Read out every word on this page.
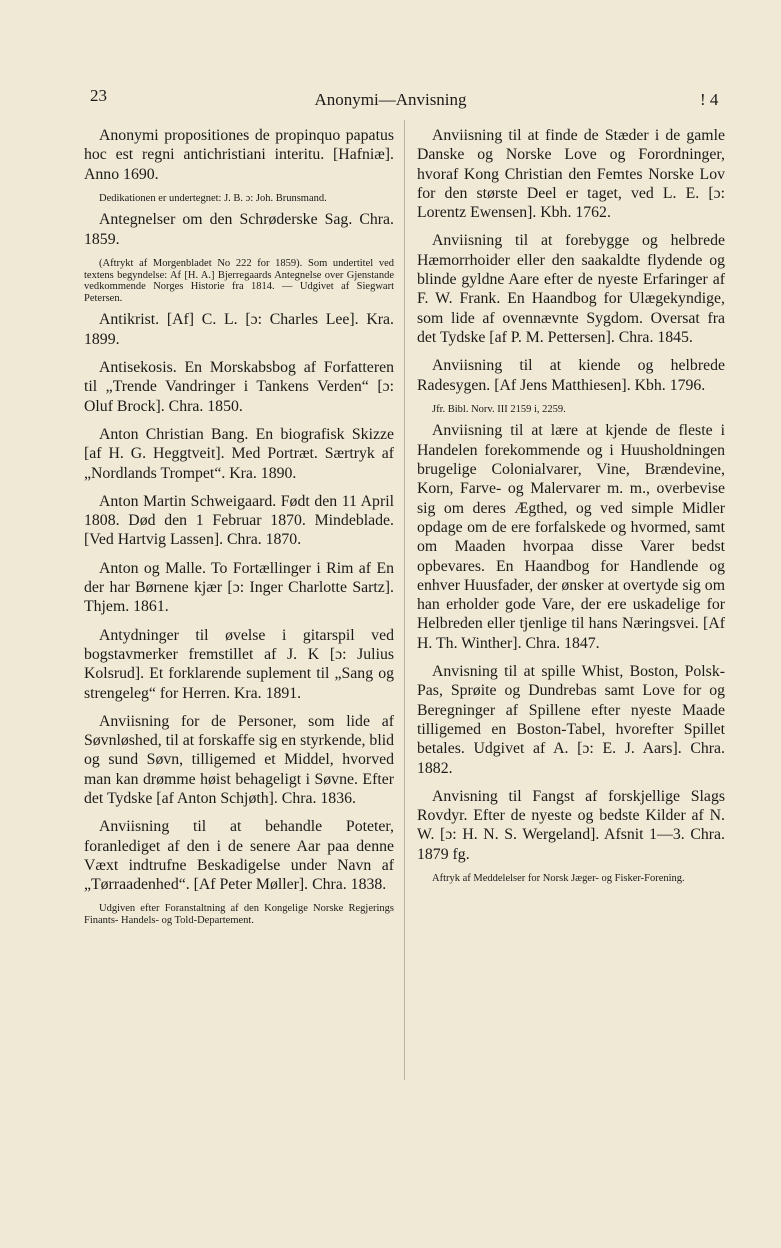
23	Anonymi—Anvisning	! 4

Anonymi propositiones de propinquo papatus hoc est regni antichristiani interitu. [Hafniæ]. Anno 1690.

Dedikationen er undertegnet: J. B. ɔ: Joh. Brunsmand.

Antegnelser om den Schrøderske Sag. Chra. 1859.

(Aftrykt af Morgenbladet No 222 for 1859). Som undertitel ved textens begyndelse: Af [H. A.] Bjerregaards Antegnelse over Gjenstande vedkommende Norges Historie fra 1814. — Udgivet af Siegwart Petersen.

Antikrist. [Af] C. L. [ɔ: Charles Lee]. Kra. 1899.

Antisekosis. En Morskabsbog af Forfatteren til „Trende Vandringer i Tankens Verden“ [ɔ: Oluf Brock]. Chra. 1850.

Anton Christian Bang. En biografisk Skizze [af H. G. Heggtveit]. Med Portræt. Særtryk af „Nordlands Trompet“. Kra. 1890.

Anton Martin Schweigaard. Født den 11 April 1808. Død den 1 Februar 1870. Mindeblade. [Ved Hartvig Lassen]. Chra. 1870.

Anton og Malle. To Fortællinger i Rim af En der har Børnene kjær [ɔ: Inger Charlotte Sartz]. Thjem. 1861.

Antydninger til øvelse i gitarspil ved bogstavmerker fremstillet af J. K [ɔ: Julius Kolsrud]. Et forklarende suplement til „Sang og strengeleg“ for Herren. Kra. 1891.

Anviisning for de Personer, som lide af Søvnløshed, til at forskaffe sig en styrkende, blid og sund Søvn, tilligemed et Middel, hvorved man kan drømme høist behageligt i Søvne. Efter det Tydske [af Anton Schjøth]. Chra. 1836.

Anviisning til at behandle Poteter, foranlediget af den i de senere Aar paa denne Væxt indtrufne Beskadigelse under Navn af „Tørraadenhed“. [Af Peter Møller]. Chra. 1838.

Udgiven efter Foranstaltning af den Kongelige Norske Regjerings Finants- Handels- og Told-Departement.

Anviisning til at finde de Stæder i de gamle Danske og Norske Love og Forordninger, hvoraf Kong Christian den Femtes Norske Lov for den største Deel er taget, ved L. E. [ɔ: Lorentz Ewensen]. Kbh. 1762.

Anviisning til at forebygge og helbrede Hæmorrhoider eller den saakaldte flydende og blinde gyldne Aare efter de nyeste Erfaringer af F. W. Frank. En Haandbog for Ulægekyndige, som lide af ovennævnte Sygdom. Oversat fra det Tydske [af P. M. Pettersen]. Chra. 1845.

Anviisning til at kiende og helbrede Radesygen. [Af Jens Matthiesen]. Kbh. 1796.

Jfr. Bibl. Norv. III 2159 i, 2259.

Anviisning til at lære at kjende de fleste i Handelen forekommende og i Huusholdningen brugelige Colonialvarer, Vine, Brændevine, Korn, Farve- og Malervarer m. m., overbevise sig om deres Ægthed, og ved simple Midler opdage om de ere forfalskede og hvormed, samt om Maaden hvorpaa disse Varer bedst opbevares. En Haandbog for Handlende og enhver Huusfader, der ønsker at overtyde sig om han erholder gode Vare, der ere uskadelige for Helbreden eller tjenlige til hans Næringsvei. [Af H. Th. Winther]. Chra. 1847.

Anvisning til at spille Whist, Boston, Polsk-Pas, Sprøite og Dundrebas samt Love for og Beregninger af Spillene efter nyeste Maade tilligemed en Boston-Tabel, hvorefter Spillet betales. Udgivet af A. [ɔ: E. J. Aars]. Chra. 1882.

Anvisning til Fangst af forskjellige Slags Rovdyr. Efter de nyeste og bedste Kilder af N. W. [ɔ: H. N. S. Wergeland]. Afsnit 1—3. Chra. 1879 fg.

Aftryk af Meddelelser for Norsk Jæger- og Fisker-Forening.
